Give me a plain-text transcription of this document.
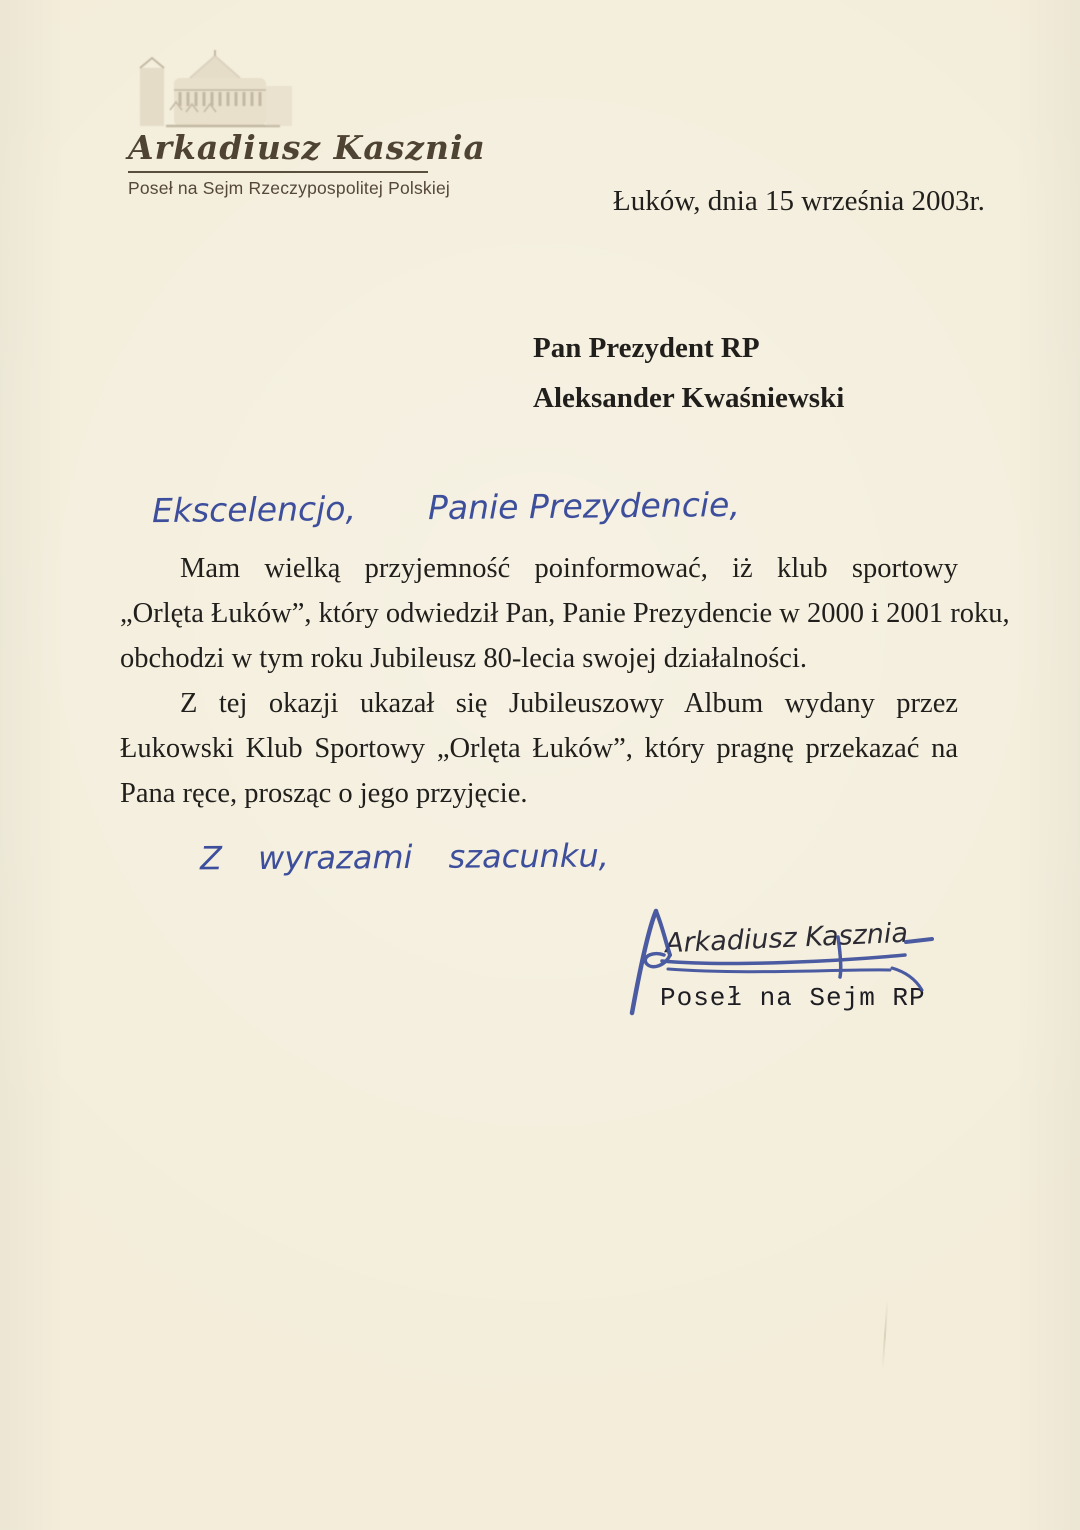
Arkadiusz Kasznia
Poseł na Sejm Rzeczypospolitej Polskiej	Łuków, dnia 15 września 2003r.
Pan Prezydent RP
Aleksander Kwaśniewski
Ekscelencjo, Panie Prezydencie,
Mam wielką przyjemność poinformować, iż klub sportowy
„Orlęta Łuków”, który odwiedził Pan, Panie Prezydencie w 2000 i 2001 roku,
obchodzi w tym roku Jubileusz 80-lecia swojej działalności.
Z tej okazji ukazał się Jubileuszowy Album wydany przez
Łukowski Klub Sportowy „Orlęta Łuków”, który pragnę przekazać na
Pana ręce, prosząc o jego przyjęcie.
Z wyrazami szacunku,
Arkadiusz Kasznia
Poseł na Sejm RP
